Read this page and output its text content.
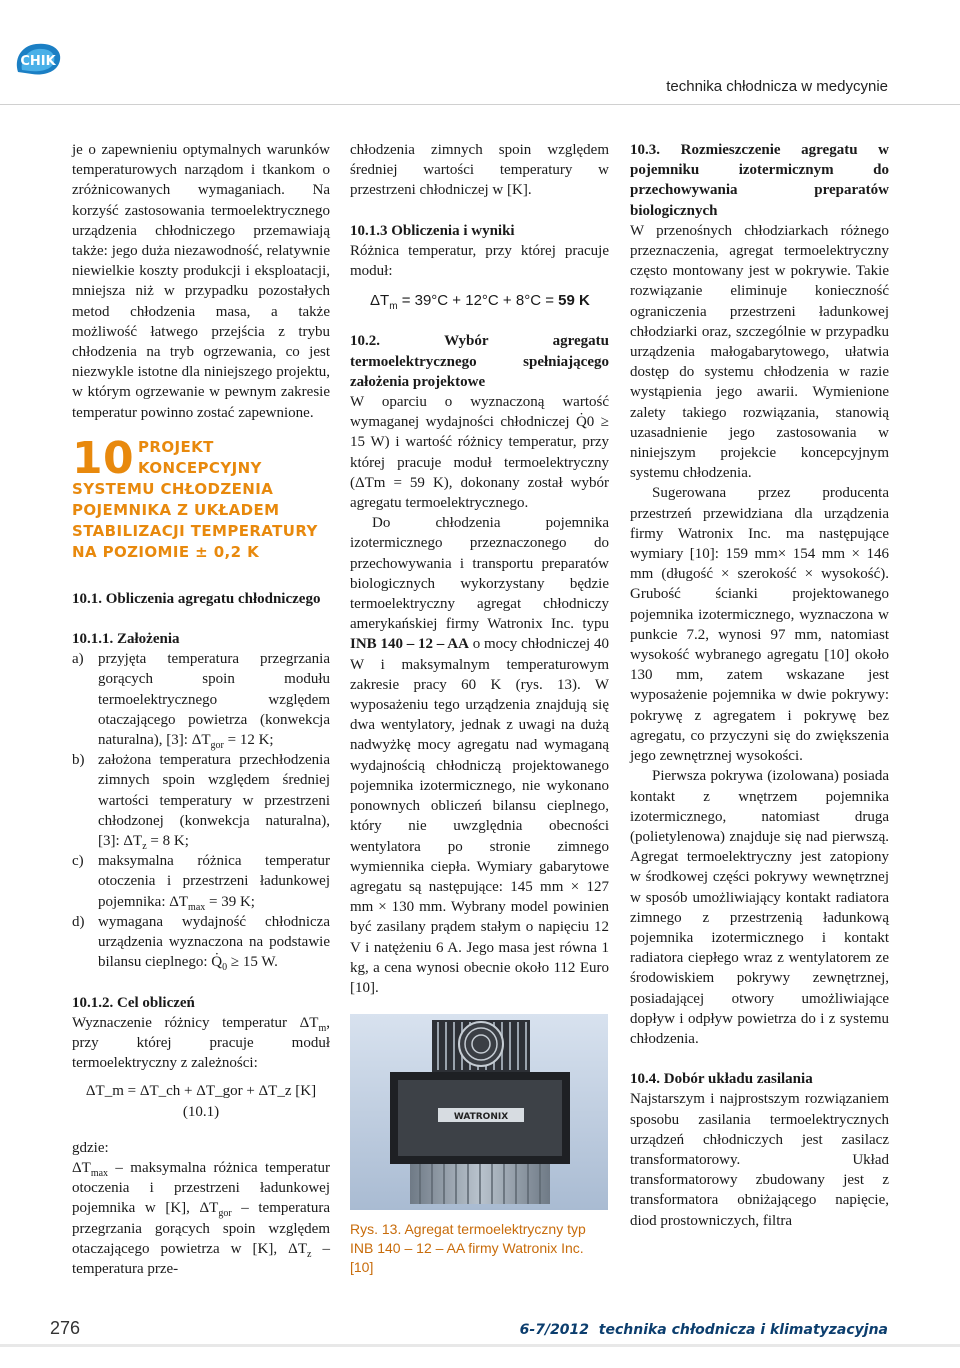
CHIK
technika chłodnicza w medycynie

je o zapewnieniu optymalnych warunków temperaturowych narządom i tkankom o zróżnicowanych wymaganiach. Na korzyść zastosowania termoelektrycznego urządzenia chłodniczego przemawiają także: jego duża niezawodność, relatywnie niewielkie koszty produkcji i eksploatacji, mniejsza niż w przypadku pozostałych metod chłodzenia masa, a także możliwość łatwego przejścia z trybu chłodzenia na tryb ogrzewania, co jest niezwykle istotne dla niniejszego projektu, w którym ogrzewanie w pewnym zakresie temperatur powinno zostać zapewnione.

10 PROJEKT KONCEPCYJNY SYSTEMU CHŁODZENIA POJEMNIKA Z UKŁADEM STABILIZACJI TEMPERATURY NA POZIOMIE ± 0,2 K

10.1. Obliczenia agregatu chłodniczego

10.1.1. Założenia

a) przyjęta temperatura przegrzania gorących spoin modułu termoelektrycznego względem otaczającego powietrza (konwekcja naturalna), [3]: $\Delta T_{gor} = 12$ K;
b) założona temperatura przechłodzenia zimnych spoin względem średniej wartości temperatury w przestrzeni chłodzonej (konwekcja naturalna), [3]: $\Delta T_z = 8$ K;
c) maksymalna różnica temperatur otoczenia i przestrzeni ładunkowej pojemnika: $\Delta T_{max} = 39$ K;
d) wymagana wydajność chłodnicza urządzenia wyznaczona na podstawie bilansu cieplnego: $Q̇_0 \ge 15$ W.

10.1.2. Cel obliczeń

Wyznaczenie różnicy temperatur $\Delta T_m$, przy której pracuje moduł termoelektryczny z zależności:

ΔT_m = ΔT_ch + ΔT_gor + ΔT_z [K] (10.1)

gdzie:

$\Delta T_{max}$ – maksymalna różnica temperatur otoczenia i przestrzeni ładunkowej pojemnika w [K], $\Delta T_{gor}$ – temperatura przegrzania gorących spoin względem otaczającego powietrza w [K], $\Delta T_z$ – temperatura prze-

chłodzenia zimnych spoin względem średniej wartości temperatury w przestrzeni chłodniczej w [K].

10.1.3 Obliczenia i wyniki

Różnica temperatur, przy której pracuje moduł:

$\Delta T_m = 39^\circ C + 12^\circ C + 8^\circ C = 59$ K

10.2. Wybór agregatu termoelektrycznego spełniającego założenia projektowe

W oparciu o wyznaczoną wartość wymaganej wydajności chłodniczej Q̇0 ≥ 15 W) i wartość różnicy temperatur, przy której pracuje moduł termoelektryczny (ΔTm = 59 K), dokonany został wybór agregatu termoelektrycznego.

Do chłodzenia pojemnika izotermicznego przeznaczonego do przechowywania i transportu preparatów biologicznych wykorzystany będzie termoelektryczny agregat chłodniczy amerykańskiej firmy Watronix Inc. typu INB 140 – 12 – AA o mocy chłodniczej 40 W i maksymalnym temperaturowym zakresie pracy 60 K (rys. 13). W wyposażeniu tego urządzenia znajdują się dwa wentylatory, jednak z uwagi na dużą nadwyżkę mocy agregatu nad wymaganą wydajnością chłodniczą projektowanego pojemnika izotermicznego, nie wykonano ponownych obliczeń bilansu cieplnego, który nie uwzględnia obecności wentylatora po stronie zimnego wymiennika ciepła. Wymiary gabarytowe agregatu są następujące: 145 mm × 127 mm × 130 mm. Wybrany model powinien być zasilany prądem stałym o napięciu 12 V i natężeniu 6 A. Jego masa jest równa 1 kg, a cena wynosi obecnie około 112 Euro [10].

WATRONIX
Rys. 13. Agregat termoelektryczny typ INB 140 – 12 – AA firmy Watronix Inc. [10]

10.3. Rozmieszczenie agregatu w pojemniku izotermicznym do przechowywania preparatów biologicznych

W przenośnych chłodziarkach różnego przeznaczenia, agregat termoelektryczny często montowany jest w pokrywie. Takie rozwiązanie eliminuje konieczność ograniczenia przestrzeni ładunkowej chłodziarki oraz, szczególnie w przypadku urządzenia małogabarytowego, ułatwia dostęp do systemu chłodzenia w razie wystąpienia jego awarii. Wymienione zalety takiego rozwiązania, stanowią uzasadnienie jego zastosowania w niniejszym projekcie koncepcyjnym systemu chłodzenia.

Sugerowana przez producenta przestrzeń przewidziana dla urządzenia firmy Watronix Inc. ma następujące wymiary [10]: 159 mm× 154 mm × 146 mm (długość × szerokość × wysokość). Grubość ścianki projektowanego pojemnika izotermicznego, wyznaczona w punkcie 7.2, wynosi 97 mm, natomiast wysokość wybranego agregatu [10] około 130 mm, zatem wskazane jest wyposażenie pojemnika w dwie pokrywy: pokrywę z agregatem i pokrywę bez agregatu, co przyczyni się do zwiększenia jego zewnętrznej wysokości.

Pierwsza pokrywa (izolowana) posiada kontakt z wnętrzem pojemnika izotermicznego, natomiast druga (polietylenowa) znajduje się nad pierwszą. Agregat termoelektryczny jest zatopiony w środkowej części pokrywy wewnętrznej w sposób umożliwiający kontakt radiatora zimnego z przestrzenią ładunkową pojemnika izotermicznego i kontakt radiatora ciepłego wraz z wentylatorem ze środowiskiem pokrywy zewnętrznej, posiadającej otwory umożliwiające dopływ i odpływ powietrza do i z systemu chłodzenia.

10.4. Dobór układu zasilania

Najstarszym i najprostszym rozwiązaniem sposobu zasilania termoelektrycznych urządzeń chłodniczych jest zasilacz transformatorowy. Układ transformatorowy zbudowany jest z transformatora obniżającego napięcie, diod prostowniczych, filtra

276	6-7/2012 technika chłodnicza i klimatyzacyjna
